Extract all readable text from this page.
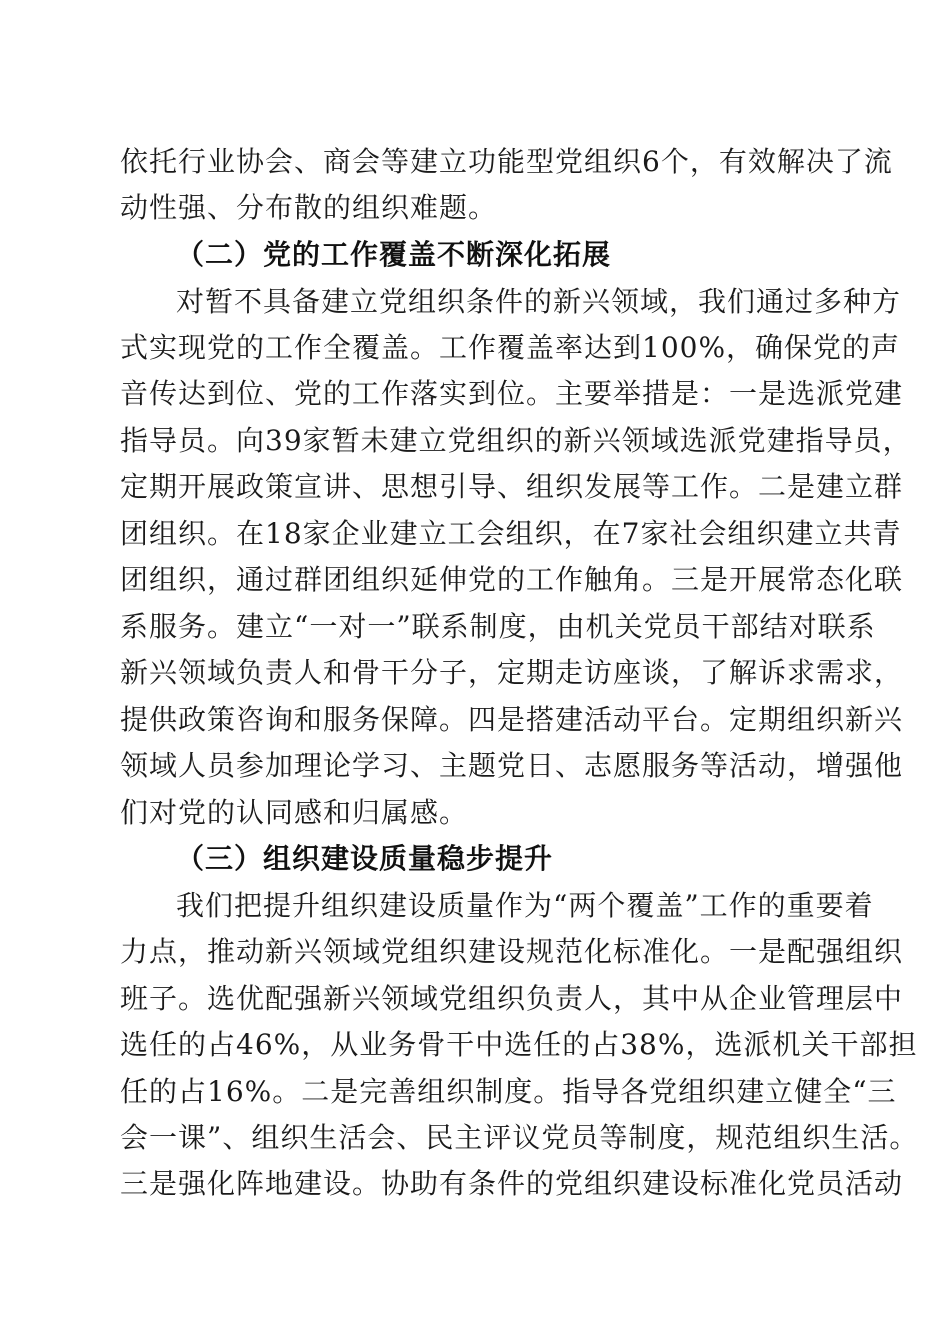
依托行业协会、商会等建立功能型党组织6个，有效解决了流
动性强、分布散的组织难题。
（二）党的工作覆盖不断深化拓展
对暂不具备建立党组织条件的新兴领域，我们通过多种方
式实现党的工作全覆盖。工作覆盖率达到100%，确保党的声
音传达到位、党的工作落实到位。主要举措是：一是选派党建
指导员。向39家暂未建立党组织的新兴领域选派党建指导员，
定期开展政策宣讲、思想引导、组织发展等工作。二是建立群
团组织。在18家企业建立工会组织，在7家社会组织建立共青
团组织，通过群团组织延伸党的工作触角。三是开展常态化联
系服务。建立“一对一”联系制度，由机关党员干部结对联系
新兴领域负责人和骨干分子，定期走访座谈，了解诉求需求，
提供政策咨询和服务保障。四是搭建活动平台。定期组织新兴
领域人员参加理论学习、主题党日、志愿服务等活动，增强他
们对党的认同感和归属感。
（三）组织建设质量稳步提升
我们把提升组织建设质量作为“两个覆盖”工作的重要着
力点，推动新兴领域党组织建设规范化标准化。一是配强组织
班子。选优配强新兴领域党组织负责人，其中从企业管理层中
选任的占46%，从业务骨干中选任的占38%，选派机关干部担
任的占16%。二是完善组织制度。指导各党组织建立健全“三
会一课”、组织生活会、民主评议党员等制度，规范组织生活。
三是强化阵地建设。协助有条件的党组织建设标准化党员活动
